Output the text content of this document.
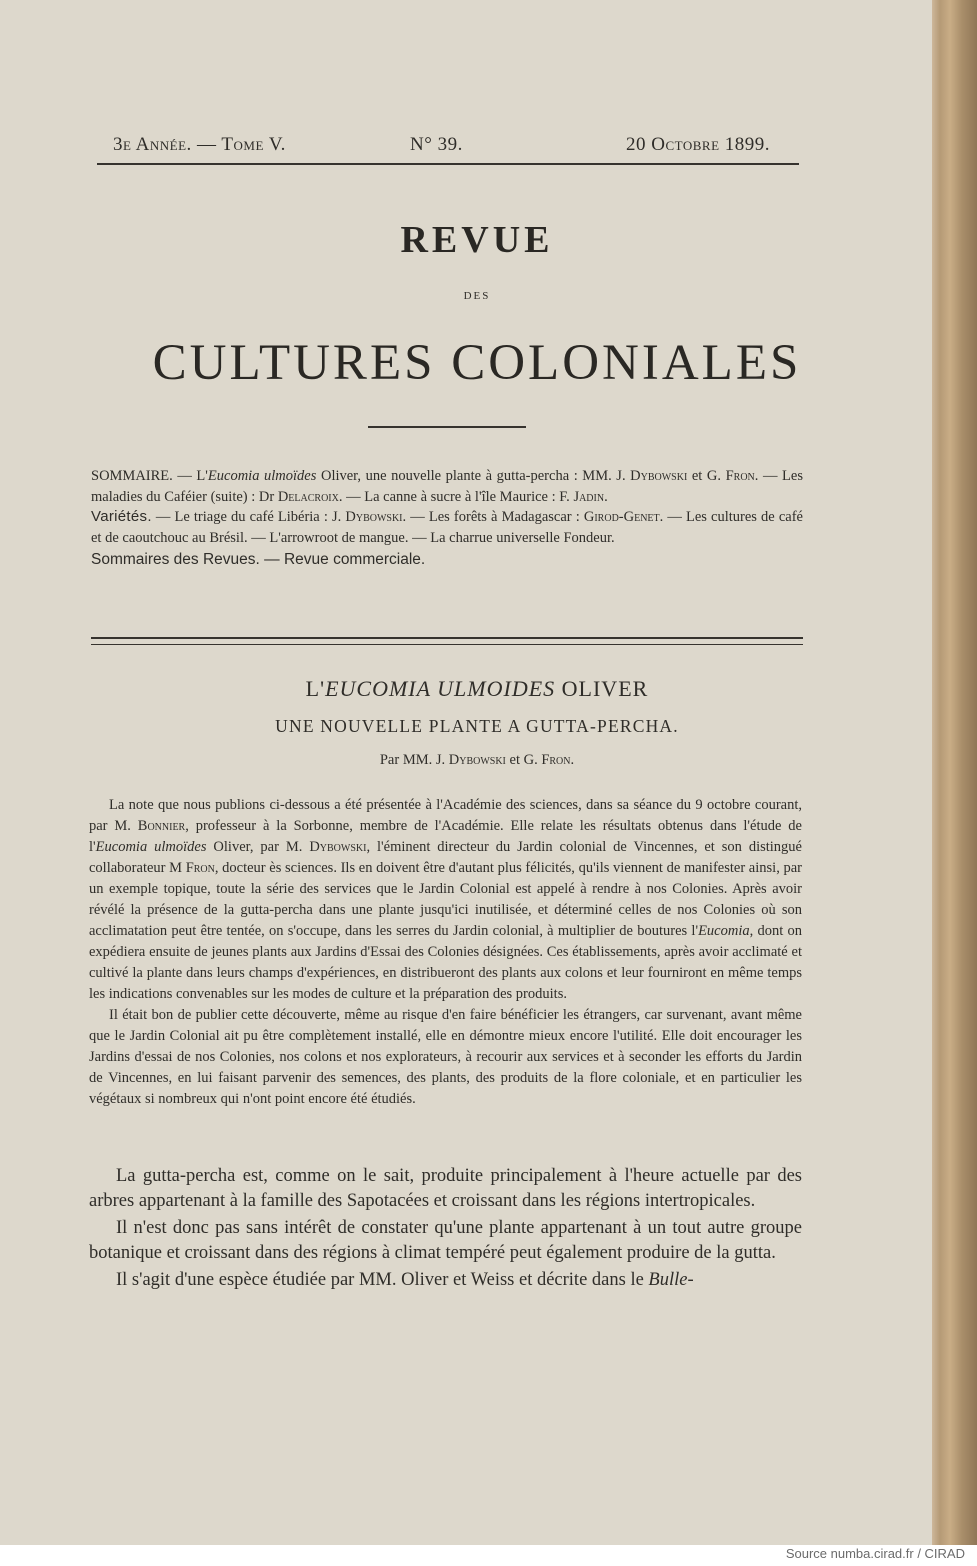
3e Année. — Tome V.	N° 39.	20 Octobre 1899.
REVUE
DES
CULTURES COLONIALES

SOMMAIRE. — L'Eucomia ulmoïdes Oliver, une nouvelle plante à gutta-percha : MM. J. Dybowski et G. Fron. — Les maladies du Caféier (suite) : Dr Delacroix. — La canne à sucre à l'île Maurice : F. Jadin.

Variétés. — Le triage du café Libéria : J. Dybowski. — Les forêts à Madagascar : Girod-Genet. — Les cultures de café et de caoutchouc au Brésil. — L'arrowroot de mangue. — La charrue universelle Fondeur.

Sommaires des Revues. — Revue commerciale.

L'EUCOMIA ULMOIDES OLIVER
UNE NOUVELLE PLANTE A GUTTA-PERCHA.
Par MM. J. Dybowski et G. Fron.

La note que nous publions ci-dessous a été présentée à l'Académie des sciences, dans sa séance du 9 octobre courant, par M. Bonnier, professeur à la Sorbonne, membre de l'Académie. Elle relate les résultats obtenus dans l'étude de l'Eucomia ulmoïdes Oliver, par M. Dybowski, l'éminent directeur du Jardin colonial de Vincennes, et son distingué collaborateur M Fron, docteur ès sciences. Ils en doivent être d'autant plus félicités, qu'ils viennent de manifester ainsi, par un exemple topique, toute la série des services que le Jardin Colonial est appelé à rendre à nos Colonies. Après avoir révélé la présence de la gutta-percha dans une plante jusqu'ici inutilisée, et déterminé celles de nos Colonies où son acclimatation peut être tentée, on s'occupe, dans les serres du Jardin colonial, à multiplier de boutures l'Eucomia, dont on expédiera ensuite de jeunes plants aux Jardins d'Essai des Colonies désignées. Ces établissements, après avoir acclimaté et cultivé la plante dans leurs champs d'expériences, en distribueront des plants aux colons et leur fourniront en même temps les indications convenables sur les modes de culture et la préparation des produits.

Il était bon de publier cette découverte, même au risque d'en faire bénéficier les étrangers, car survenant, avant même que le Jardin Colonial ait pu être complètement installé, elle en démontre mieux encore l'utilité. Elle doit encourager les Jardins d'essai de nos Colonies, nos colons et nos explorateurs, à recourir aux services et à seconder les efforts du Jardin de Vincennes, en lui faisant parvenir des semences, des plants, des produits de la flore coloniale, et en particulier les végétaux si nombreux qui n'ont point encore été étudiés.

La gutta-percha est, comme on le sait, produite principalement à l'heure actuelle par des arbres appartenant à la famille des Sapotacées et croissant dans les régions intertropicales.

Il n'est donc pas sans intérêt de constater qu'une plante appartenant à un tout autre groupe botanique et croissant dans des régions à climat tempéré peut également produire de la gutta.

Il s'agit d'une espèce étudiée par MM. Oliver et Weiss et décrite dans le Bulle-

Source numba.cirad.fr / CIRAD
